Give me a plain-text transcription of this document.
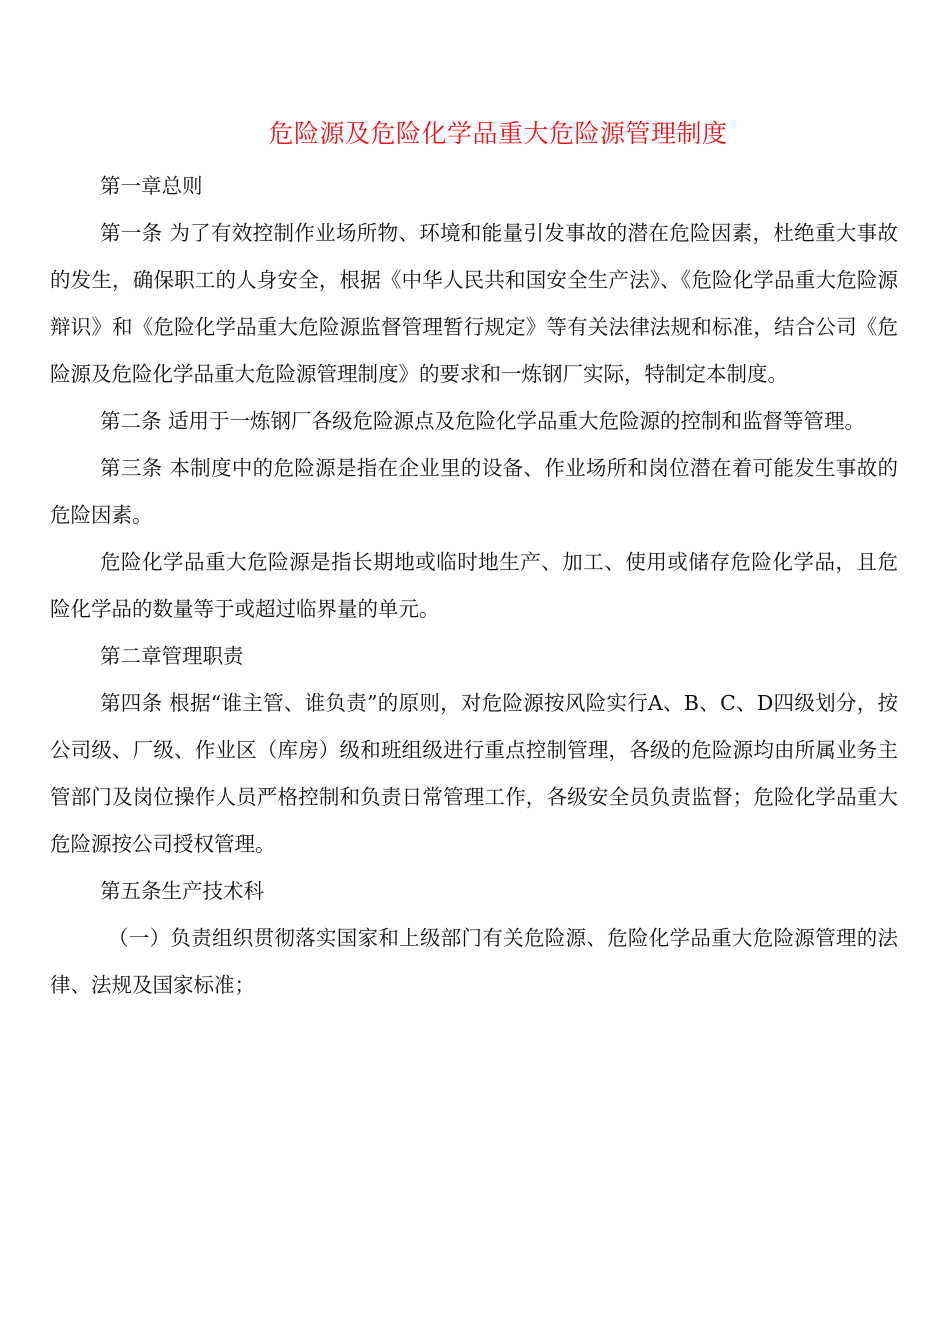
危险源及危险化学品重大危险源管理制度

第一章总则

第一条 为了有效控制作业场所物、环境和能量引发事故的潜在危险因素，杜绝重大事故的发生，确保职工的人身安全，根据《中华人民共和国安全生产法》、《危险化学品重大危险源辩识》和《危险化学品重大危险源监督管理暂行规定》等有关法律法规和标准，结合公司《危险源及危险化学品重大危险源管理制度》的要求和一炼钢厂实际，特制定本制度。

第二条 适用于一炼钢厂各级危险源点及危险化学品重大危险源的控制和监督等管理。

第三条 本制度中的危险源是指在企业里的设备、作业场所和岗位潜在着可能发生事故的危险因素。

危险化学品重大危险源是指长期地或临时地生产、加工、使用或储存危险化学品，且危险化学品的数量等于或超过临界量的单元。

第二章管理职责

第四条 根据“谁主管、谁负责”的原则，对危险源按风险实行A、B、C、D四级划分，按公司级、厂级、作业区（库房）级和班组级进行重点控制管理，各级的危险源均由所属业务主管部门及岗位操作人员严格控制和负责日常管理工作，各级安全员负责监督；危险化学品重大危险源按公司授权管理。

第五条生产技术科

（一）负责组织贯彻落实国家和上级部门有关危险源、危险化学品重大危险源管理的法律、法规及国家标准；
